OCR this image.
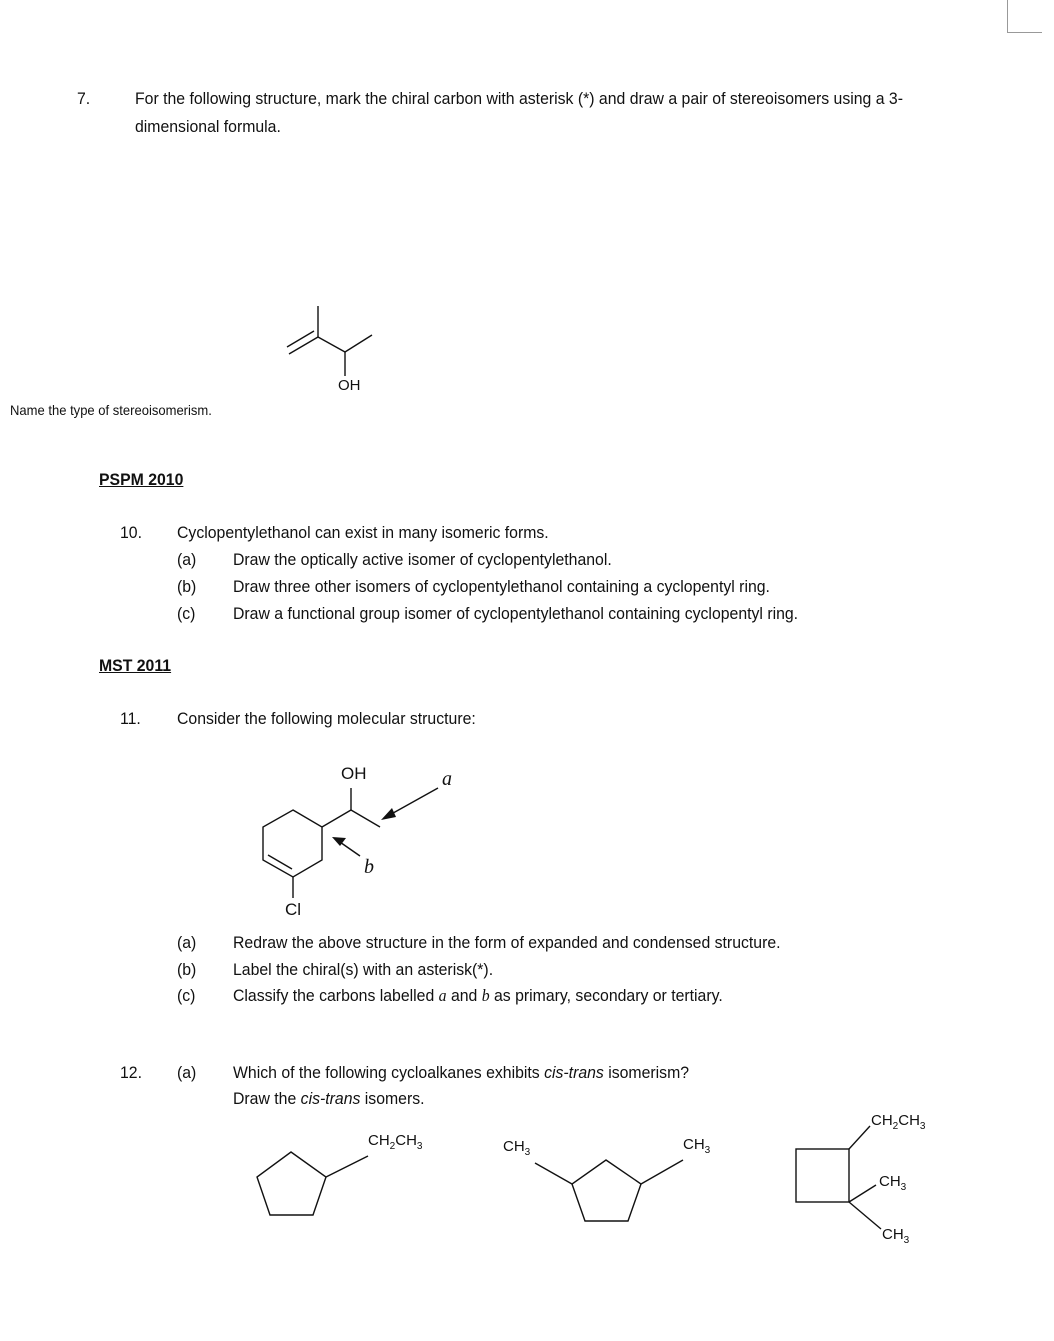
7.	For the following structure, mark the chiral carbon with asterisk (*) and draw a pair of stereoisomers using a 3-
dimensional formula.
OH
Name the type of stereoisomerism.
PSPM 2010
10. Cyclopentylethanol can exist in many isomeric forms.
(a) Draw the optically active isomer of cyclopentylethanol.
(b) Draw three other isomers of cyclopentylethanol containing a cyclopentyl ring.
(c) Draw a functional group isomer of cyclopentylethanol containing cyclopentyl ring.
MST 2011
11. Consider the following molecular structure:
OH	a
b
Cl
(a) Redraw the above structure in the form of expanded and condensed structure.
(b) Label the chiral(s) with an asterisk(*).
(c) Classify the carbons labelled a and b as primary, secondary or tertiary.
12. (a) Which of the following cycloalkanes exhibits cis-trans isomerism?
Draw the cis-trans isomers.
$CH_2CH_3$	$CH_3$	$CH_3$
$CH_2CH_3$
$CH_3$
$CH_3$
